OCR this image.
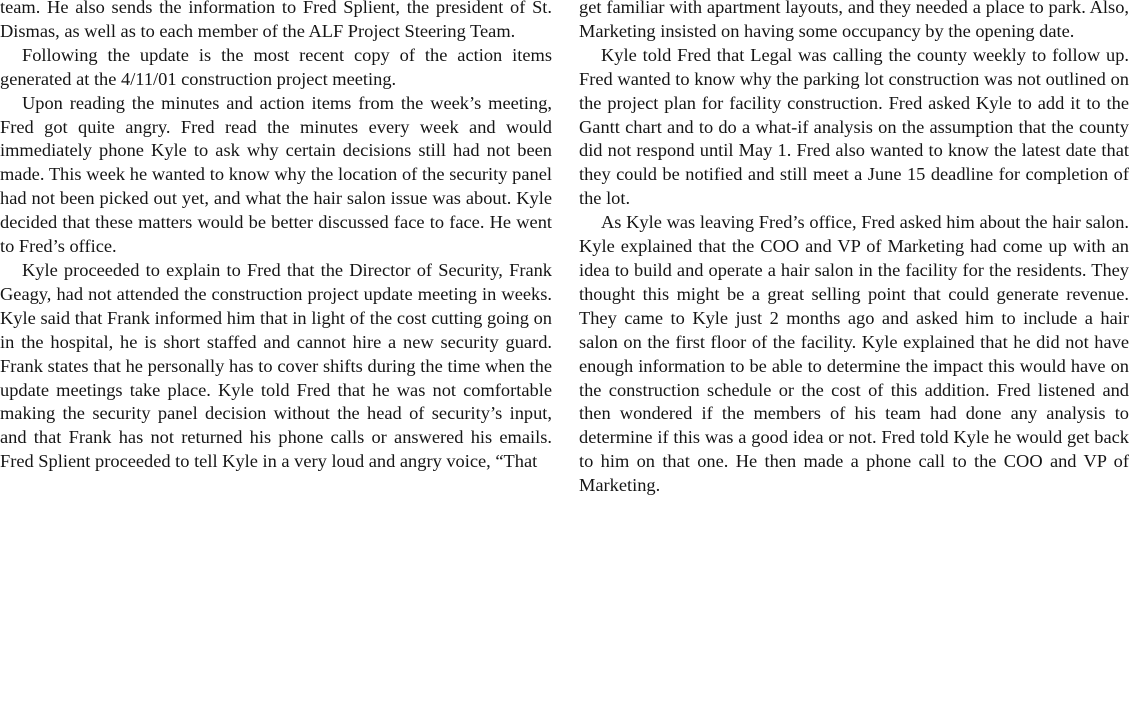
team. He also sends the information to Fred Splient, the president of St. Dismas, as well as to each member of the ALF Project Steering Team.

Following the update is the most recent copy of the action items generated at the 4/11/01 construction project meeting.

Upon reading the minutes and action items from the week’s meeting, Fred got quite angry. Fred read the minutes every week and would immediately phone Kyle to ask why certain decisions still had not been made. This week he wanted to know why the location of the security panel had not been picked out yet, and what the hair salon issue was about. Kyle decided that these matters would be better discussed face to face. He went to Fred’s office.

Kyle proceeded to explain to Fred that the Director of Security, Frank Geagy, had not attended the construction project update meeting in weeks. Kyle said that Frank informed him that in light of the cost cutting going on in the hospital, he is short staffed and cannot hire a new security guard. Frank states that he personally has to cover shifts during the time when the update meetings take place. Kyle told Fred that he was not comfortable making the security panel decision without the head of security’s input, and that Frank has not returned his phone calls or answered his emails. Fred Splient proceeded to tell Kyle in a very loud and angry voice, “That

get familiar with apartment layouts, and they needed a place to park. Also, Marketing insisted on having some occupancy by the opening date.

Kyle told Fred that Legal was calling the county weekly to follow up. Fred wanted to know why the parking lot construction was not outlined on the project plan for facility construction. Fred asked Kyle to add it to the Gantt chart and to do a what-if analysis on the assumption that the county did not respond until May 1. Fred also wanted to know the latest date that they could be notified and still meet a June 15 deadline for completion of the lot.

As Kyle was leaving Fred’s office, Fred asked him about the hair salon. Kyle explained that the COO and VP of Marketing had come up with an idea to build and operate a hair salon in the facility for the residents. They thought this might be a great selling point that could generate revenue. They came to Kyle just 2 months ago and asked him to include a hair salon on the first floor of the facility. Kyle explained that he did not have enough information to be able to determine the impact this would have on the construction schedule or the cost of this addition. Fred listened and then wondered if the members of his team had done any analysis to determine if this was a good idea or not. Fred told Kyle he would get back to him on that one. He then made a phone call to the COO and VP of Marketing.
